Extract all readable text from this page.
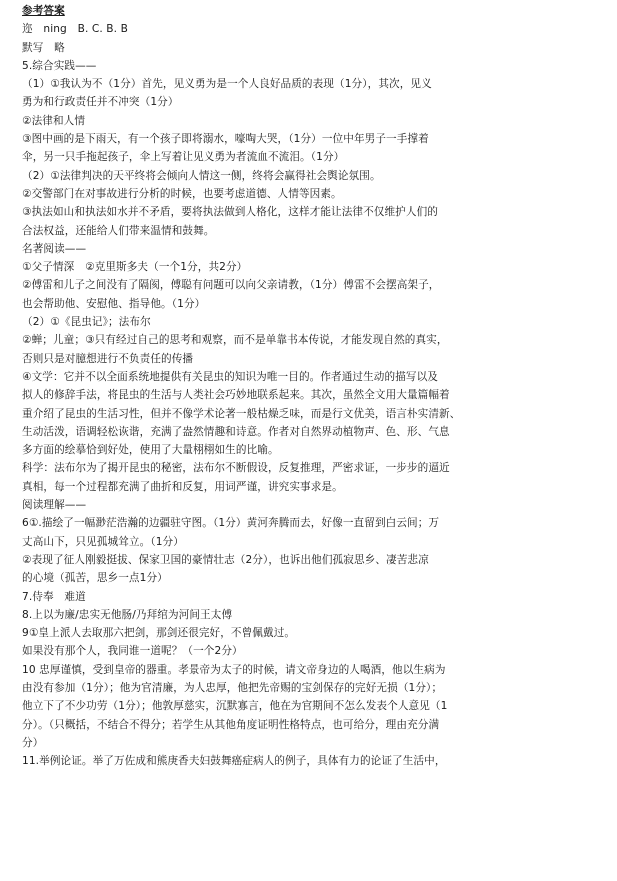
参考答案
迩　ning　B. C. B. B
默写　略
5.综合实践——
（1）①我认为不（1分）首先，见义勇为是一个人良好品质的表现（1分），其次，见义
勇为和行政责任并不冲突（1分）
②法律和人情
③图中画的是下雨天，有一个孩子即将溺水，嚎啕大哭，（1分）一位中年男子一手撑着
伞，另一只手拖起孩子，伞上写着让见义勇为者流血不流泪。（1分）
（2）①法律判决的天平终将会倾向人情这一侧，终将会赢得社会舆论氛围。
②交警部门在对事故进行分析的时候，也要考虑道德、人情等因素。
③执法如山和执法如水并不矛盾，要将执法做到人格化，这样才能让法律不仅维护人们的
合法权益，还能给人们带来温情和鼓舞。
名著阅读——
①父子情深　②克里斯多夫（一个1分，共2分）
②傅雷和儿子之间没有了隔阂，傅聪有问题可以向父亲请教，（1分）傅雷不会摆高架子，
也会帮助他、安慰他、指导他。（1分）
（2）①《昆虫记》；法布尔
②蝉；儿童；③只有经过自己的思考和观察，而不是单靠书本传说，才能发现自然的真实，
否则只是对臆想进行不负责任的传播
④文学：它并不以全面系统地提供有关昆虫的知识为唯一目的。作者通过生动的描写以及
拟人的修辞手法，将昆虫的生活与人类社会巧妙地联系起来。其次，虽然全文用大量篇幅着
重介绍了昆虫的生活习性，但并不像学术论著一般枯燥乏味，而是行文优美，语言朴实清新、
生动活泼，语调轻松诙谐，充满了盎然情趣和诗意。作者对自然界动植物声、色、形、气息
多方面的绘摹恰到好处，使用了大量栩栩如生的比喻。
科学：法布尔为了揭开昆虫的秘密，法布尔不断假设，反复推理，严密求证，一步步的逼近
真相，每一个过程都充满了曲折和反复，用词严谨，讲究实事求是。
阅读理解——
6①.描绘了一幅渺茫浩瀚的边疆驻守图。（1分）黄河奔腾而去，好像一直留到白云间；万
丈高山下，只见孤城耸立。（1分）
②表现了征人刚毅挺拔、保家卫国的豪情壮志（2分），也诉出他们孤寂思乡、凄苦悲凉
的心境（孤苦，思乡一点1分）
7.侍奉　难道
8.上以为廉/忠实无他肠/乃拜绾为河间王太傅
9①皇上派人去取那六把剑，那剑还很完好，不曾佩戴过。
如果没有那个人，我同谁一道呢？（一个2分）
10 忠厚谨慎，受到皇帝的器重。孝景帝为太子的时候，请文帝身边的人喝酒，他以生病为
由没有参加（1分）；他为官清廉，为人忠厚，他把先帝赐的宝剑保存的完好无损（1分）；
他立下了不少功劳（1分）；他敦厚慈实，沉默寡言，他在为官期间不怎么发表个人意见（1
分）。（只概括，不结合不得分；若学生从其他角度证明性格特点，也可给分，理由充分满
分）
11.举例论证。举了万佐成和熊庚香夫妇鼓舞癌症病人的例子，具体有力的论证了生活中，
